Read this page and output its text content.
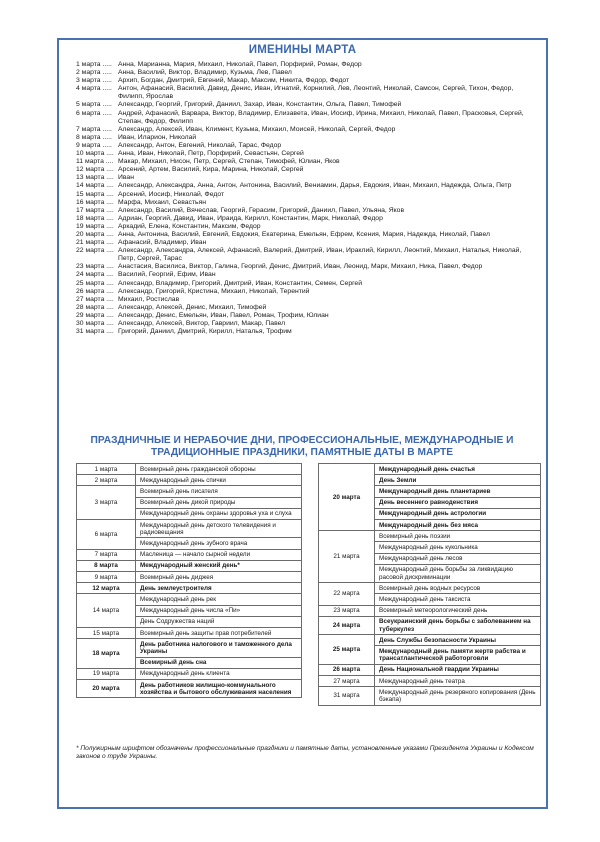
ИМЕНИНЫ МАРТА
1 марта ..... Анна, Марианна, Мария, Михаил, Николай, Павел, Порфирий, Роман, Федор
2 марта ..... Анна, Василий, Виктор, Владимир, Кузьма, Лев, Павел
3 марта ..... Архип, Богдан, Дмитрий, Евгений, Макар, Максим, Никита, Федор, Федот
4 марта ..... Антон, Афанасий, Василий, Давид, Денис, Иван, Игнатий, Корнилий, Лев, Леонтий, Николай, Самсон, Сергей, Тихон, Федор, Филипп, Ярослав
5 марта ..... Александр, Георгий, Григорий, Даниил, Захар, Иван, Константин, Ольга, Павел, Тимофей
6 марта ..... Андрей, Афанасий, Варвара, Виктор, Владимир, Елизавета, Иван, Иосиф, Ирина, Михаил, Николай, Павел, Прасковья, Сергей, Степан, Федор, Филипп
7 марта ..... Александр, Алексей, Иван, Климент, Кузьма, Михаил, Моисей, Николай, Сергей, Федор
8 марта ..... Иван, Иларион, Николай
9 марта ..... Александр, Антон, Евгений, Николай, Тарас, Федор
10 марта .... Анна, Иван, Николай, Петр, Порфирий, Севастьян, Сергей
11 марта .... Макар, Михаил, Нисон, Петр, Сергей, Степан, Тимофей, Юлиан, Яков
12 марта .... Арсений, Артем, Василий, Кира, Марина, Николай, Сергей
13 марта .... Иван
14 марта .... Александр, Александра, Анна, Антон, Антонина, Василий, Вениамин, Дарья, Евдокия, Иван, Михаил, Надежда, Ольга, Петр
15 марта .... Арсений, Иосиф, Николай, Федот
16 марта .... Марфа, Михаил, Севастьян
17 марта .... Александр, Василий, Вячеслав, Георгий, Герасим, Григорий, Даниил, Павел, Ульяна, Яков
18 марта .... Адриан, Георгий, Давид, Иван, Ираида, Кирилл, Константин, Марк, Николай, Федор
19 марта .... Аркадий, Елена, Константин, Максим, Федор
20 марта .... Анна, Антонина, Василий, Евгений, Евдокия, Екатерина, Емельян, Ефрем, Ксения, Мария, Надежда, Николай, Павел
21 марта .... Афанасий, Владимир, Иван
22 марта .... Александр, Александра, Алексей, Афанасий, Валерий, Дмитрий, Иван, Ираклий, Кирилл, Леонтий, Михаил, Наталья, Николай, Петр, Сергей, Тарас
23 марта .... Анастасия, Василиса, Виктор, Галина, Георгий, Денис, Дмитрий, Иван, Леонид, Марк, Михаил, Ника, Павел, Федор
24 марта .... Василий, Георгий, Ефим, Иван
25 марта .... Александр, Владимир, Григорий, Дмитрий, Иван, Константин, Семен, Сергей
26 марта .... Александр, Григорий, Кристина, Михаил, Николай, Терентий
27 марта .... Михаил, Ростислав
28 марта .... Александр, Алексей, Денис, Михаил, Тимофей
29 марта .... Александр, Денис, Емельян, Иван, Павел, Роман, Трофим, Юлиан
30 марта .... Александр, Алексей, Виктор, Гавриил, Макар, Павел
31 марта .... Григорий, Даниил, Дмитрий, Кирилл, Наталья, Трофим
ПРАЗДНИЧНЫЕ И НЕРАБОЧИЕ ДНИ, ПРОФЕССИОНАЛЬНЫЕ, МЕЖДУНАРОДНЫЕ И ТРАДИЦИОННЫЕ ПРАЗДНИКИ, ПАМЯТНЫЕ ДАТЫ В МАРТЕ
1 марта	Всемирный день гражданской обороны
2 марта	Международный день спички
3 марта	Всемирный день писателя
	Всемирный день дикой природы
	Международный день охраны здоровья уха и слуха
6 марта	Международный день детского телевидения и радиовещания
	Международный день зубного врача
7 марта	Масленица — начало сырной недели
8 марта	Международный женский день*
9 марта	Всемирный день диджея
12 марта	День землеустроителя
14 марта	Международный день рек
	Международный день числа «Пи»
	День Содружества наций
15 марта	Всемирный день защиты прав потребителей
18 марта	День работника налогового и таможенного дела Украины
	Всемирный день сна
19 марта	Международный день клиента
20 марта	День работников жилищно-коммунального хозяйства и бытового обслуживания населения
20 марта	Международный день счастья
	День Земли
	Международный день планетариев
	День весеннего равноденствия
	Международный день астрологии
	Международный день без мяса
21 марта	Всемирный день поэзии
	Международный день кукольника
	Международный день лесов
	Международный день борьбы за ликвидацию расовой дискриминации
22 марта	Всемирный день водных ресурсов
	Международный день таксиста
23 марта	Всемирный метеорологический день
24 марта	Всеукраинский день борьбы с заболеванием на туберкулез
25 марта	День Службы безопасности Украины
	Международный день памяти жертв рабства и трансатлантической работорговли
26 марта	День Национальной гвардии Украины
27 марта	Международный день театра
31 марта	Международный день резервного копирования (День бэкапа)
* Полужирным шрифтом обозначены профессиональные праздники и памятные даты, установленные указами Президента Украины и Кодексом законов о труде Украины.
